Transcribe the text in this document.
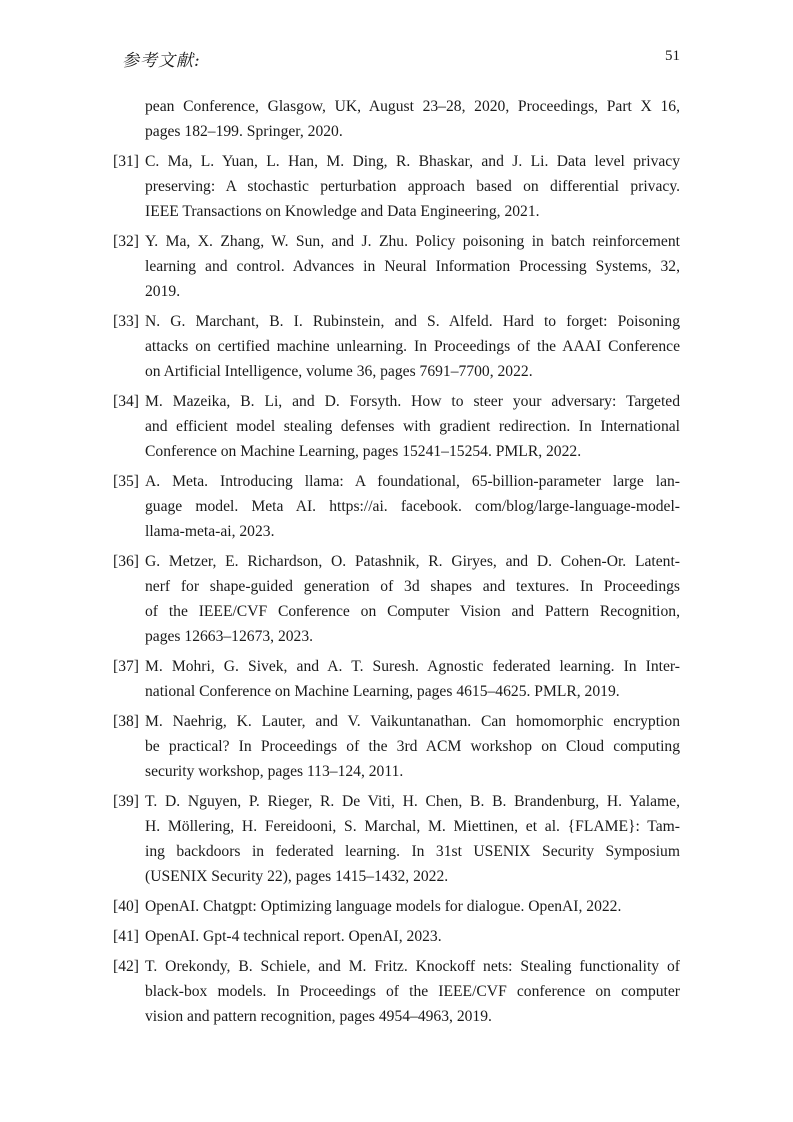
参考文献:	51
pean Conference, Glasgow, UK, August 23–28, 2020, Proceedings, Part X 16,
pages 182–199. Springer, 2020.
[31] C. Ma, L. Yuan, L. Han, M. Ding, R. Bhaskar, and J. Li. Data level privacy
preserving: A stochastic perturbation approach based on differential privacy.
IEEE Transactions on Knowledge and Data Engineering, 2021.
[32] Y. Ma, X. Zhang, W. Sun, and J. Zhu. Policy poisoning in batch reinforcement
learning and control. Advances in Neural Information Processing Systems, 32,
2019.
[33] N. G. Marchant, B. I. Rubinstein, and S. Alfeld. Hard to forget: Poisoning
attacks on certified machine unlearning. In Proceedings of the AAAI Conference
on Artificial Intelligence, volume 36, pages 7691–7700, 2022.
[34] M. Mazeika, B. Li, and D. Forsyth. How to steer your adversary: Targeted
and efficient model stealing defenses with gradient redirection. In International
Conference on Machine Learning, pages 15241–15254. PMLR, 2022.
[35] A. Meta. Introducing llama: A foundational, 65-billion-parameter large lan-
guage model. Meta AI. https://ai. facebook. com/blog/large-language-model-
llama-meta-ai, 2023.
[36] G. Metzer, E. Richardson, O. Patashnik, R. Giryes, and D. Cohen-Or. Latent-
nerf for shape-guided generation of 3d shapes and textures. In Proceedings
of the IEEE/CVF Conference on Computer Vision and Pattern Recognition,
pages 12663–12673, 2023.
[37] M. Mohri, G. Sivek, and A. T. Suresh. Agnostic federated learning. In Inter-
national Conference on Machine Learning, pages 4615–4625. PMLR, 2019.
[38] M. Naehrig, K. Lauter, and V. Vaikuntanathan. Can homomorphic encryption
be practical? In Proceedings of the 3rd ACM workshop on Cloud computing
security workshop, pages 113–124, 2011.
[39] T. D. Nguyen, P. Rieger, R. De Viti, H. Chen, B. B. Brandenburg, H. Yalame,
H. Möllering, H. Fereidooni, S. Marchal, M. Miettinen, et al. {FLAME}: Tam-
ing backdoors in federated learning. In 31st USENIX Security Symposium
(USENIX Security 22), pages 1415–1432, 2022.
[40] OpenAI. Chatgpt: Optimizing language models for dialogue. OpenAI, 2022.
[41] OpenAI. Gpt-4 technical report. OpenAI, 2023.
[42] T. Orekondy, B. Schiele, and M. Fritz. Knockoff nets: Stealing functionality of
black-box models. In Proceedings of the IEEE/CVF conference on computer
vision and pattern recognition, pages 4954–4963, 2019.
